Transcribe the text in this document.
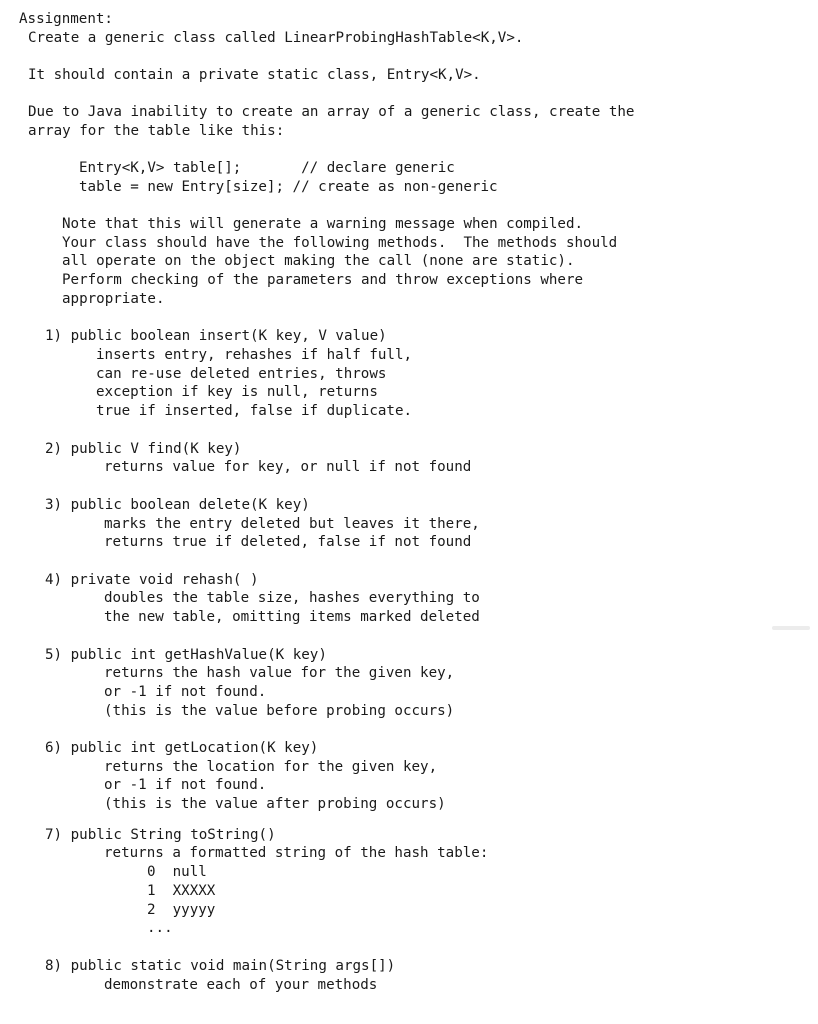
Assignment:
Create a generic class called LinearProbingHashTable<K,V>.
It should contain a private static class, Entry<K,V>.
Due to Java inability to create an array of a generic class, create the
array for the table like this:
Entry<K,V> table[];       // declare generic
table = new Entry[size]; // create as non-generic
Note that this will generate a warning message when compiled.
Your class should have the following methods.  The methods should
all operate on the object making the call (none are static).
Perform checking of the parameters and throw exceptions where
appropriate.
1) public boolean insert(K key, V value)
inserts entry, rehashes if half full,
can re-use deleted entries, throws
exception if key is null, returns
true if inserted, false if duplicate.
2) public V find(K key)
returns value for key, or null if not found
3) public boolean delete(K key)
marks the entry deleted but leaves it there,
returns true if deleted, false if not found
4) private void rehash( )
doubles the table size, hashes everything to
the new table, omitting items marked deleted
5) public int getHashValue(K key)
returns the hash value for the given key,
or -1 if not found.
(this is the value before probing occurs)
6) public int getLocation(K key)
returns the location for the given key,
or -1 if not found.
(this is the value after probing occurs)
7) public String toString()
returns a formatted string of the hash table:
0  null
1  XXXXX
2  yyyyy
...
8) public static void main(String args[])
demonstrate each of your methods
